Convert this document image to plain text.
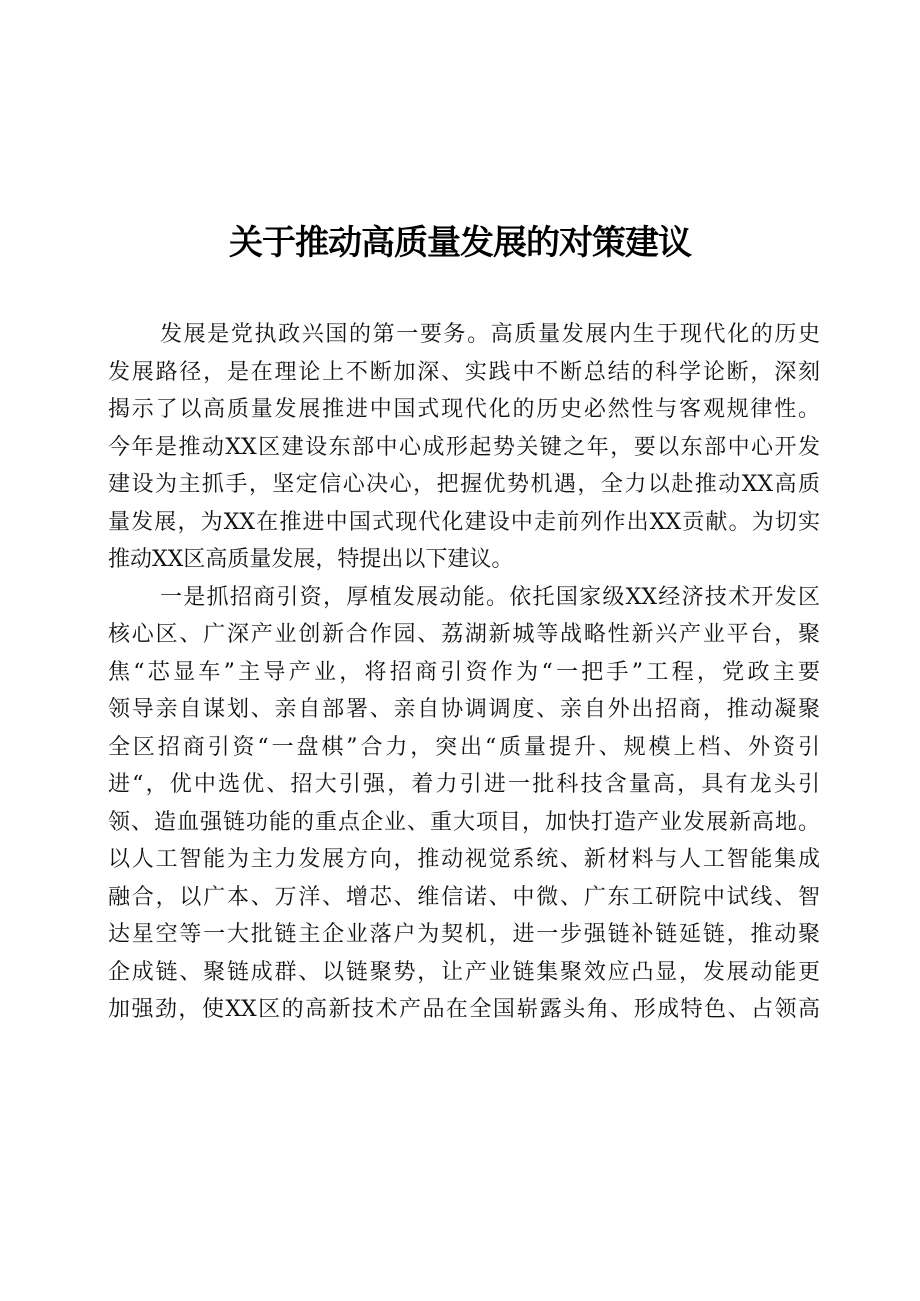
关于推动高质量发展的对策建议
发展是党执政兴国的第一要务。高质量发展内生于现代化的历史
发展路径，是在理论上不断加深、实践中不断总结的科学论断，深刻
揭示了以高质量发展推进中国式现代化的历史必然性与客观规律性。
今年是推动XX区建设东部中心成形起势关键之年，要以东部中心开发
建设为主抓手，坚定信心决心，把握优势机遇，全力以赴推动XX高质
量发展，为XX在推进中国式现代化建设中走前列作出XX贡献。为切实
推动XX区高质量发展，特提出以下建议。
一是抓招商引资，厚植发展动能。依托国家级XX经济技术开发区
核心区、广深产业创新合作园、荔湖新城等战略性新兴产业平台，聚
焦“芯显车”主导产业，将招商引资作为“一把手”工程，党政主要
领导亲自谋划、亲自部署、亲自协调调度、亲自外出招商，推动凝聚
全区招商引资“一盘棋”合力，突出“质量提升、规模上档、外资引
进“，优中选优、招大引强，着力引进一批科技含量高，具有龙头引
领、造血强链功能的重点企业、重大项目，加快打造产业发展新高地。
以人工智能为主力发展方向，推动视觉系统、新材料与人工智能集成
融合，以广本、万洋、增芯、维信诺、中微、广东工研院中试线、智
达星空等一大批链主企业落户为契机，进一步强链补链延链，推动聚
企成链、聚链成群、以链聚势，让产业链集聚效应凸显，发展动能更
加强劲，使XX区的高新技术产品在全国崭露头角、形成特色、占领高
